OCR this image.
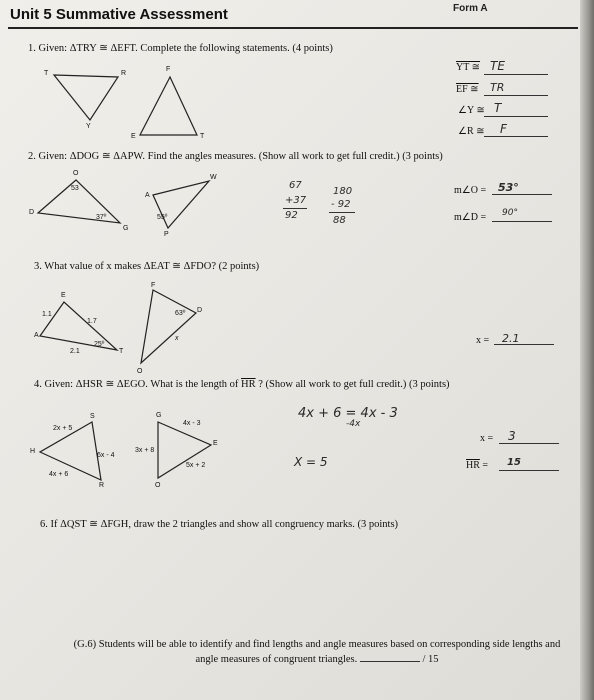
Unit 5 Summative Assessment	Form A

1. Given: ΔTRY ≅ ΔEFT. Complete the following statements. (4 points)

T	R
Y
F
E	T
YT ≅ TE
EF ≅ TR
∠Y ≅ T
∠R ≅ F

2. Given: ΔDOG ≅ ΔAPW. Find the angles measures. (Show all work to get full credit.) (3 points)

O
D
G
A
W
P
53
37º	55º
67
+37
92
180
- 92
88
m∠O = 53°
m∠D = 90°

3. What value of x makes ΔEAT ≅ ΔFDO? (2 points)

E
A
T
F
D
O
1.1
1.7
2.1
25º
63º
x	x = 2.1

4. Given: ΔHSR ≅ ΔEGO. What is the length of $\overline{HR}$ ? (Show all work to get full credit.) (3 points)

S
H
R
G
E
O
2x + 5
4x + 6
6x - 4
3x + 8
4x - 3
5x + 2
4x + 6 = 4x - 3
-4x
X = 5
x = 3
$\overline{HR} = 15$

6. If ΔQST ≅ ΔFGH, draw the 2 triangles and show all congruency marks. (3 points)

(G.6) Students will be able to identify and find lengths and angle measures based on corresponding side lengths and angle measures of congruent triangles.	/ 15
